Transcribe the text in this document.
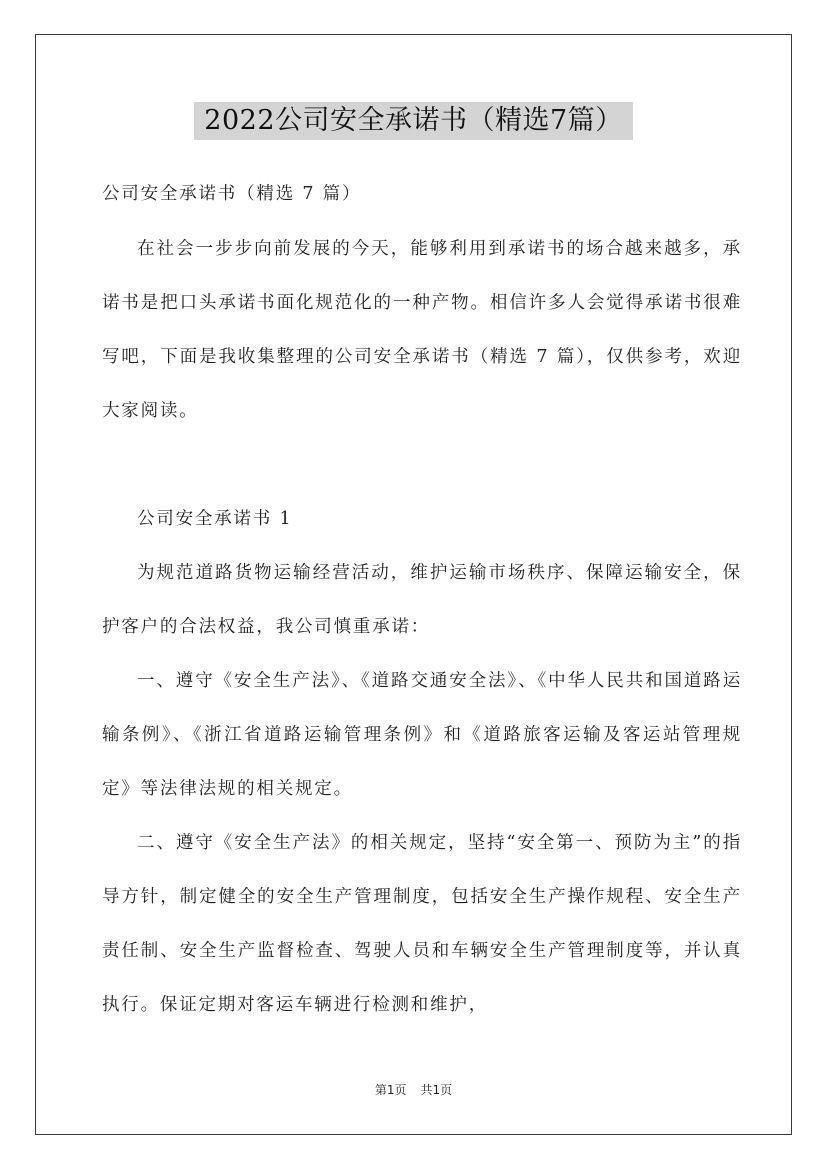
2022公司安全承诺书（精选7篇）

公司安全承诺书（精选 7 篇）

在社会一步步向前发展的今天，能够利用到承诺书的场合越来越多，承诺书是把口头承诺书面化规范化的一种产物。相信许多人会觉得承诺书很难写吧，下面是我收集整理的公司安全承诺书（精选 7 篇），仅供参考，欢迎大家阅读。

公司安全承诺书 1

为规范道路货物运输经营活动，维护运输市场秩序、保障运输安全，保护客户的合法权益，我公司慎重承诺：

一、遵守《安全生产法》、《道路交通安全法》、《中华人民共和国道路运输条例》、《浙江省道路运输管理条例》和《道路旅客运输及客运站管理规定》等法律法规的相关规定。

二、遵守《安全生产法》的相关规定，坚持“安全第一、预防为主”的指导方针，制定健全的安全生产管理制度，包括安全生产操作规程、安全生产责任制、安全生产监督检查、驾驶人员和车辆安全生产管理制度等，并认真执行。保证定期对客运车辆进行检测和维护，

第1页 共1页
